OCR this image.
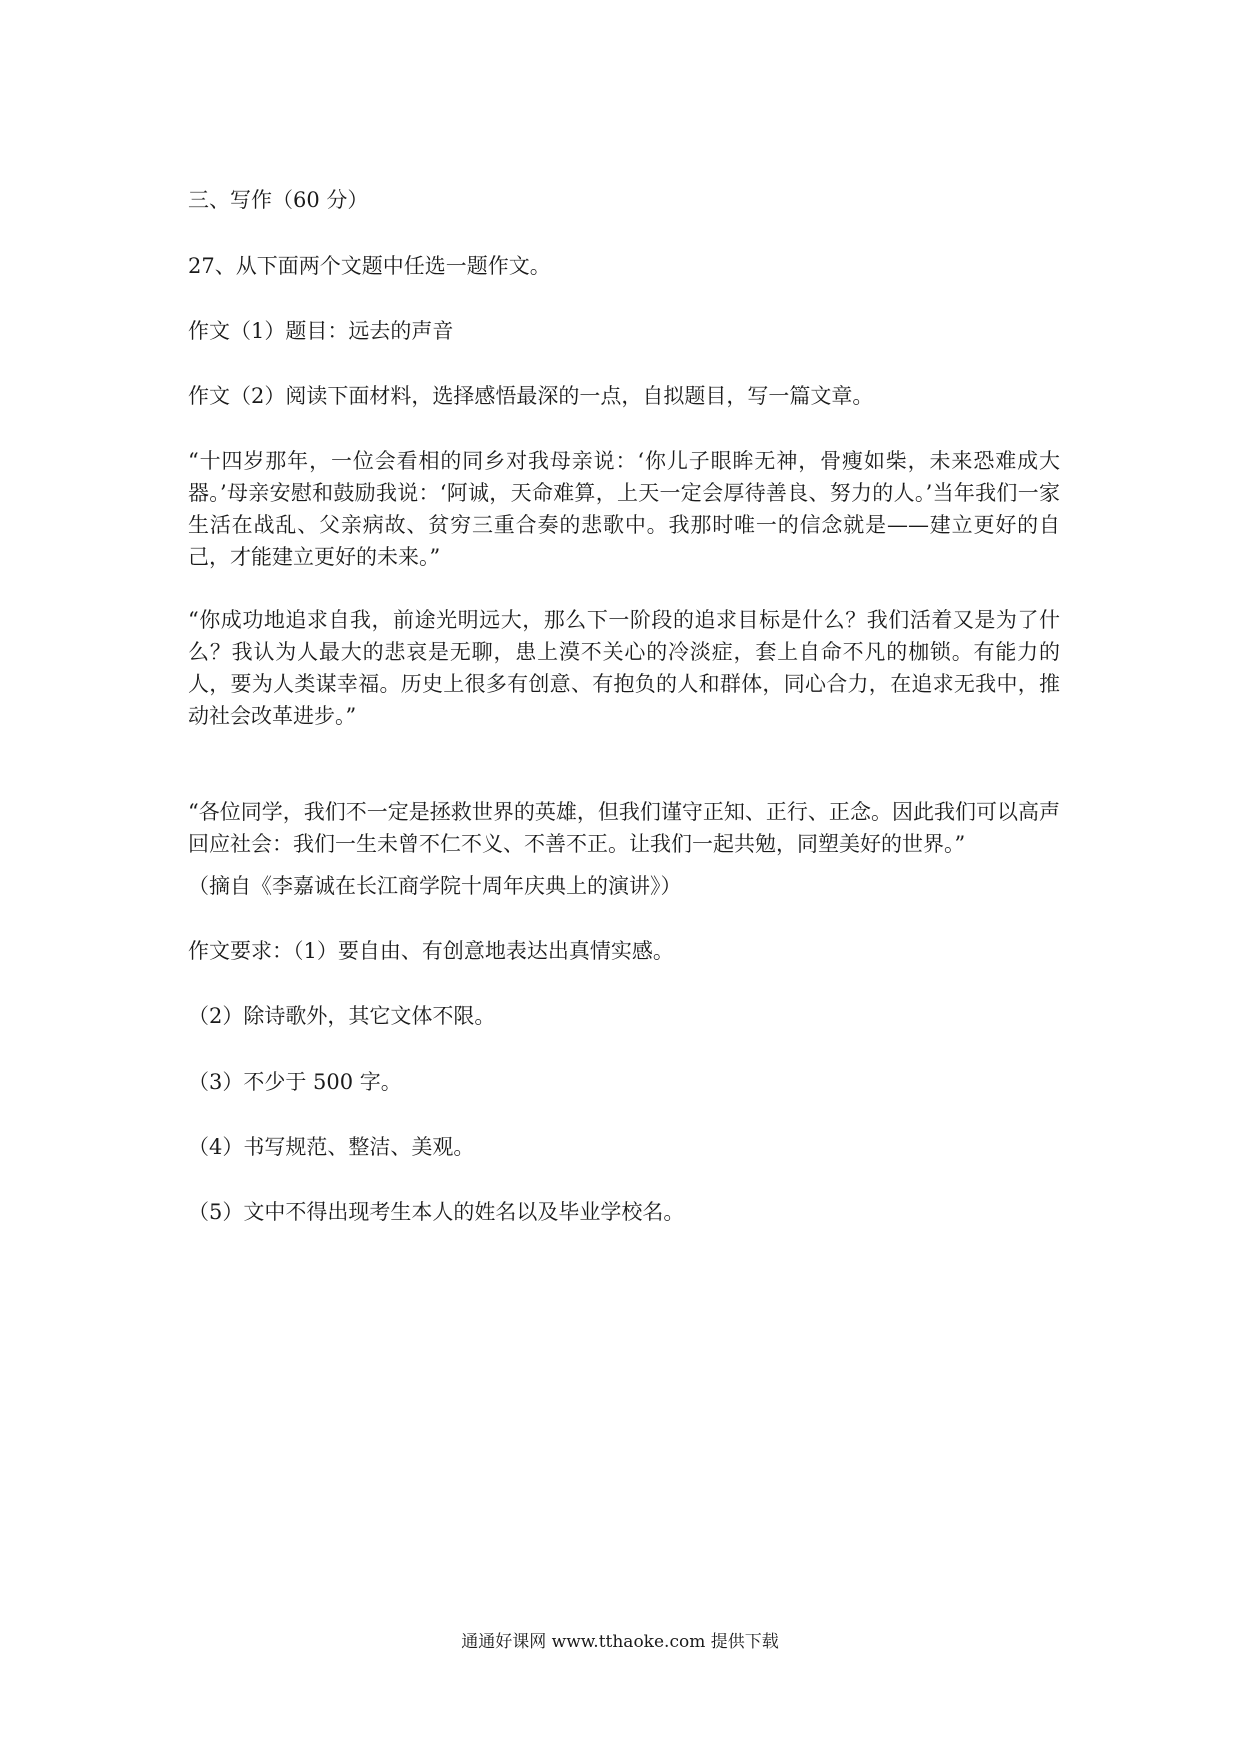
三、写作（60 分）

27、从下面两个文题中任选一题作文。

作文（1）题目：远去的声音

作文（2）阅读下面材料，选择感悟最深的一点，自拟题目，写一篇文章。

“十四岁那年，一位会看相的同乡对我母亲说：‘你儿子眼眸无神，骨瘦如柴，未来恐难成大器。’母亲安慰和鼓励我说：‘阿诚，天命难算，上天一定会厚待善良、努力的人。’当年我们一家生活在战乱、父亲病故、贫穷三重合奏的悲歌中。我那时唯一的信念就是——建立更好的自己，才能建立更好的未来。”

“你成功地追求自我，前途光明远大，那么下一阶段的追求目标是什么？我们活着又是为了什么？我认为人最大的悲哀是无聊，患上漠不关心的冷淡症，套上自命不凡的枷锁。有能力的人，要为人类谋幸福。历史上很多有创意、有抱负的人和群体，同心合力，在追求无我中，推动社会改革进步。”

“各位同学，我们不一定是拯救世界的英雄，但我们谨守正知、正行、正念。因此我们可以高声回应社会：我们一生未曾不仁不义、不善不正。让我们一起共勉，同塑美好的世界。”

（摘自《李嘉诚在长江商学院十周年庆典上的演讲》）

作文要求：（1）要自由、有创意地表达出真情实感。

（2）除诗歌外，其它文体不限。

（3）不少于 500 字。

（4）书写规范、整洁、美观。

（5）文中不得出现考生本人的姓名以及毕业学校名。

通通好课网 www.tthaoke.com 提供下载
